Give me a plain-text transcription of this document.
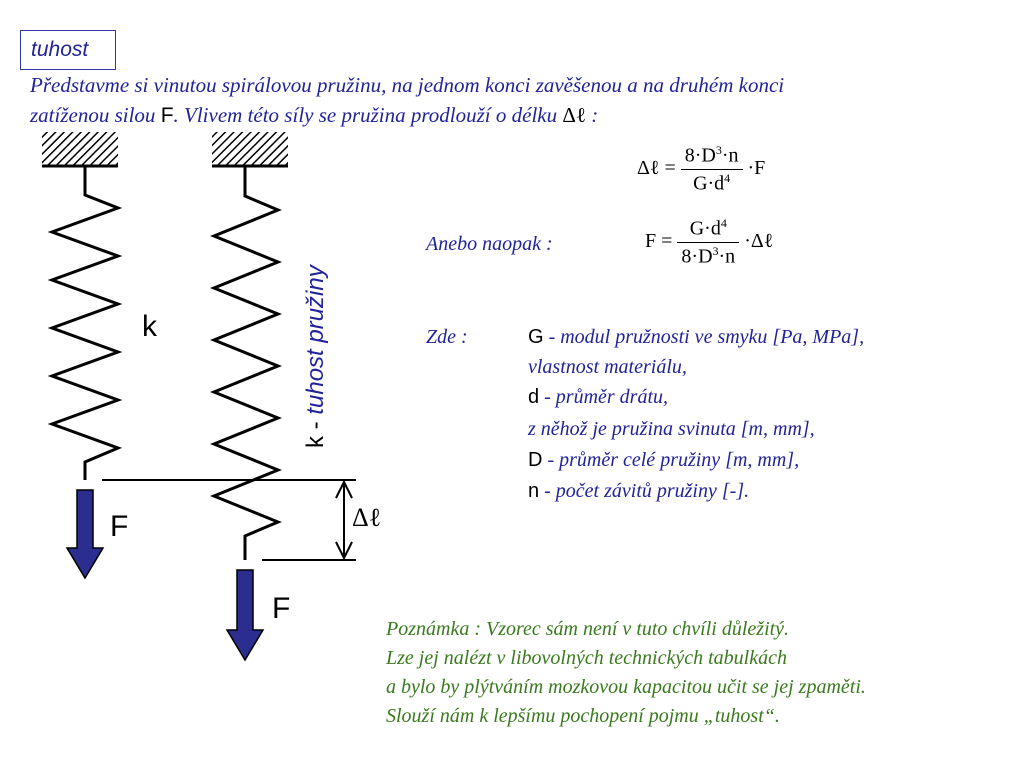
tuhost
Představme si vinutou spirálovou pružinu, na jednom konci zavěšenou a na druhém konci
zatíženou silou F. Vlivem této síly se pružina prodlouží o délku Δℓ :
k
F
F
Δℓ
k - tuhost pružiny
Δℓ = $\frac{8\cdot D^3\cdot n}{G\cdot d^4} \cdot F$
Anebo naopak :	$F = \frac{G\cdot d^4}{8\cdot D^3\cdot n}$ ·Δℓ
Zde :	G - modul pružnosti ve smyku [Pa, MPa],
vlastnost materiálu,
d - průměr drátu,
z něhož je pružina svinuta [m, mm],
D - průměr celé pružiny [m, mm],
n - počet závitů pružiny [-].
Poznámka : Vzorec sám není v tuto chvíli důležitý.
Lze jej nalézt v libovolných technických tabulkách
a bylo by plýtváním mozkovou kapacitou učit se jej zpaměti.
Slouží nám k lepšímu pochopení pojmu „tuhost“.
